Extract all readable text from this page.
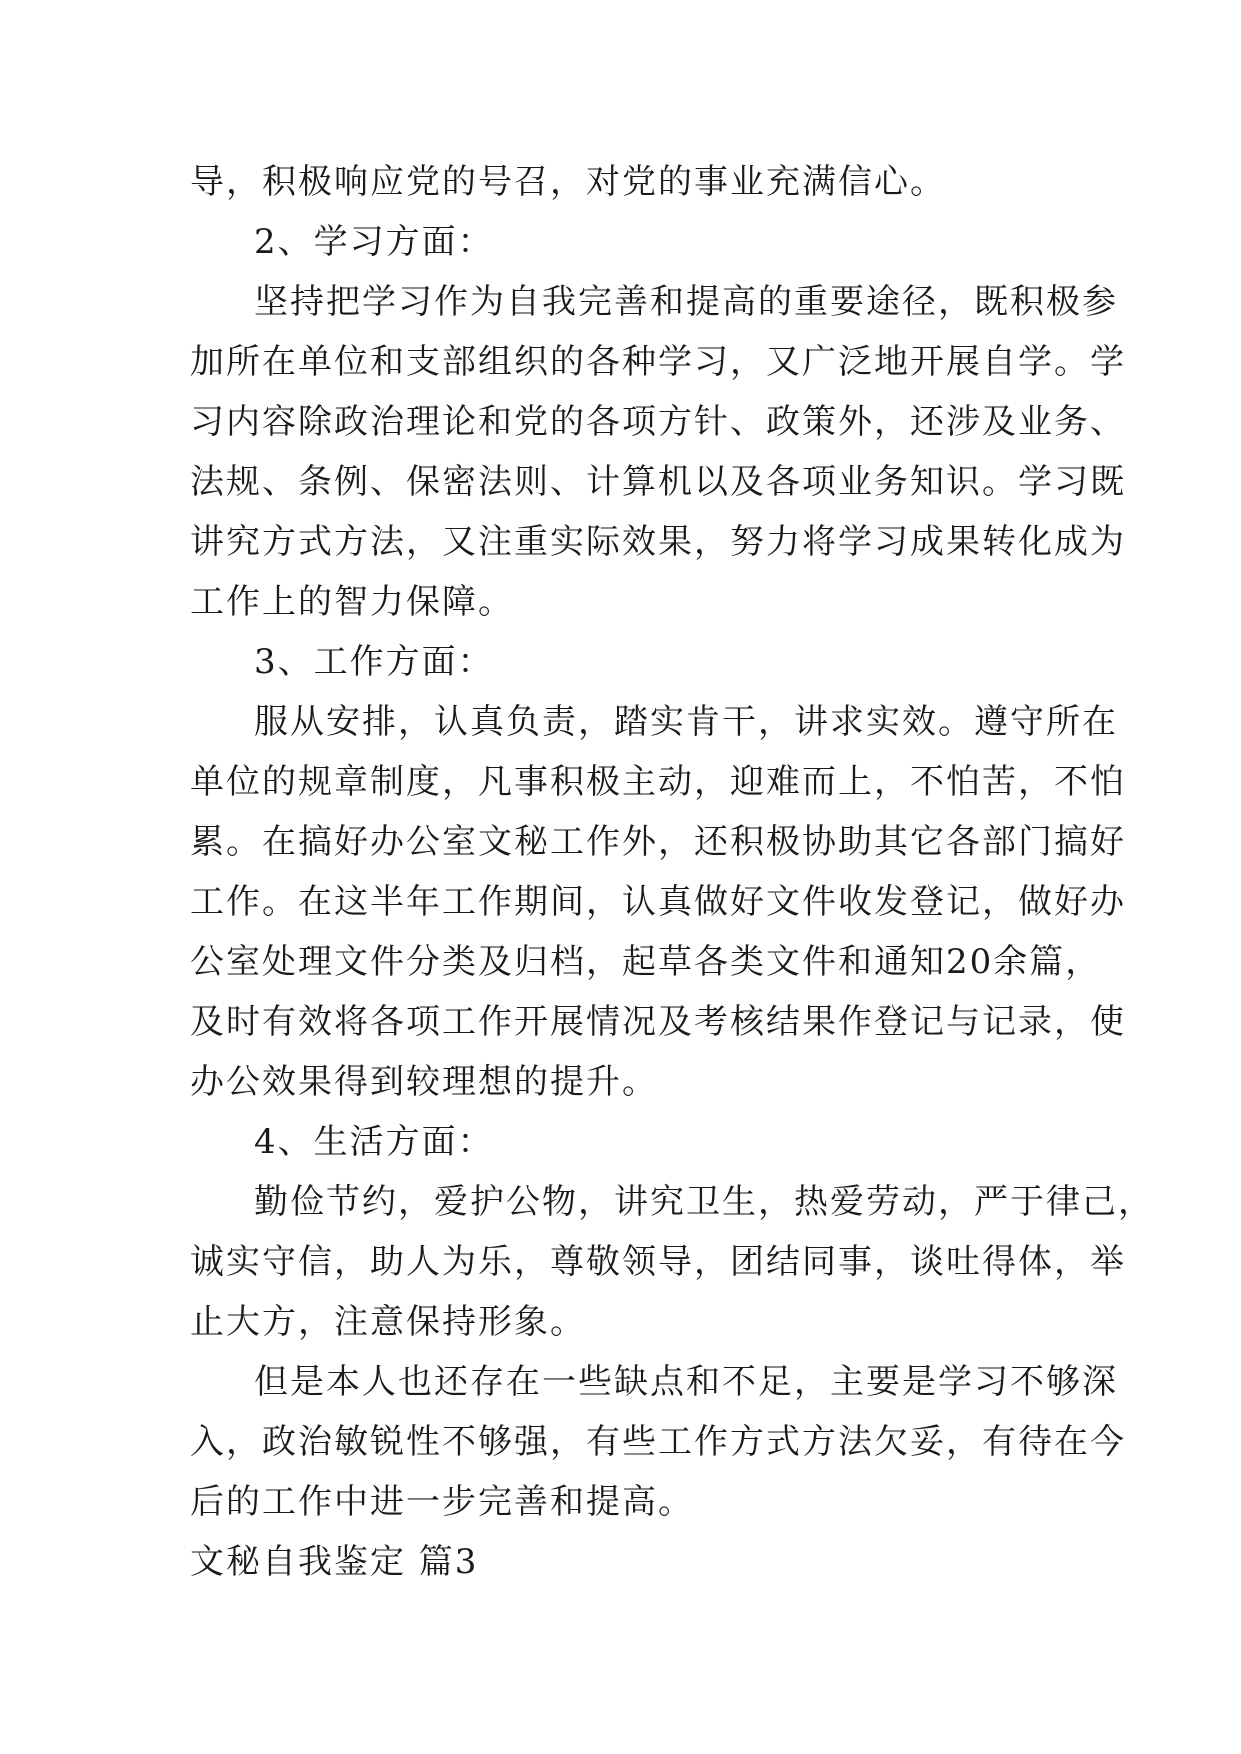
导，积极响应党的号召，对党的事业充满信心。
2、学习方面：
坚持把学习作为自我完善和提高的重要途径，既积极参
加所在单位和支部组织的各种学习，又广泛地开展自学。学
习内容除政治理论和党的各项方针、政策外，还涉及业务、
法规、条例、保密法则、计算机以及各项业务知识。学习既
讲究方式方法，又注重实际效果，努力将学习成果转化成为
工作上的智力保障。
3、工作方面：
服从安排，认真负责，踏实肯干，讲求实效。遵守所在
单位的规章制度，凡事积极主动，迎难而上，不怕苦，不怕
累。在搞好办公室文秘工作外，还积极协助其它各部门搞好
工作。在这半年工作期间，认真做好文件收发登记，做好办
公室处理文件分类及归档，起草各类文件和通知20余篇，
及时有效将各项工作开展情况及考核结果作登记与记录，使
办公效果得到较理想的提升。
4、生活方面：
勤俭节约，爱护公物，讲究卫生，热爱劳动，严于律己，
诚实守信，助人为乐，尊敬领导，团结同事，谈吐得体，举
止大方，注意保持形象。
但是本人也还存在一些缺点和不足，主要是学习不够深
入，政治敏锐性不够强，有些工作方式方法欠妥，有待在今
后的工作中进一步完善和提高。
文秘自我鉴定 篇3
